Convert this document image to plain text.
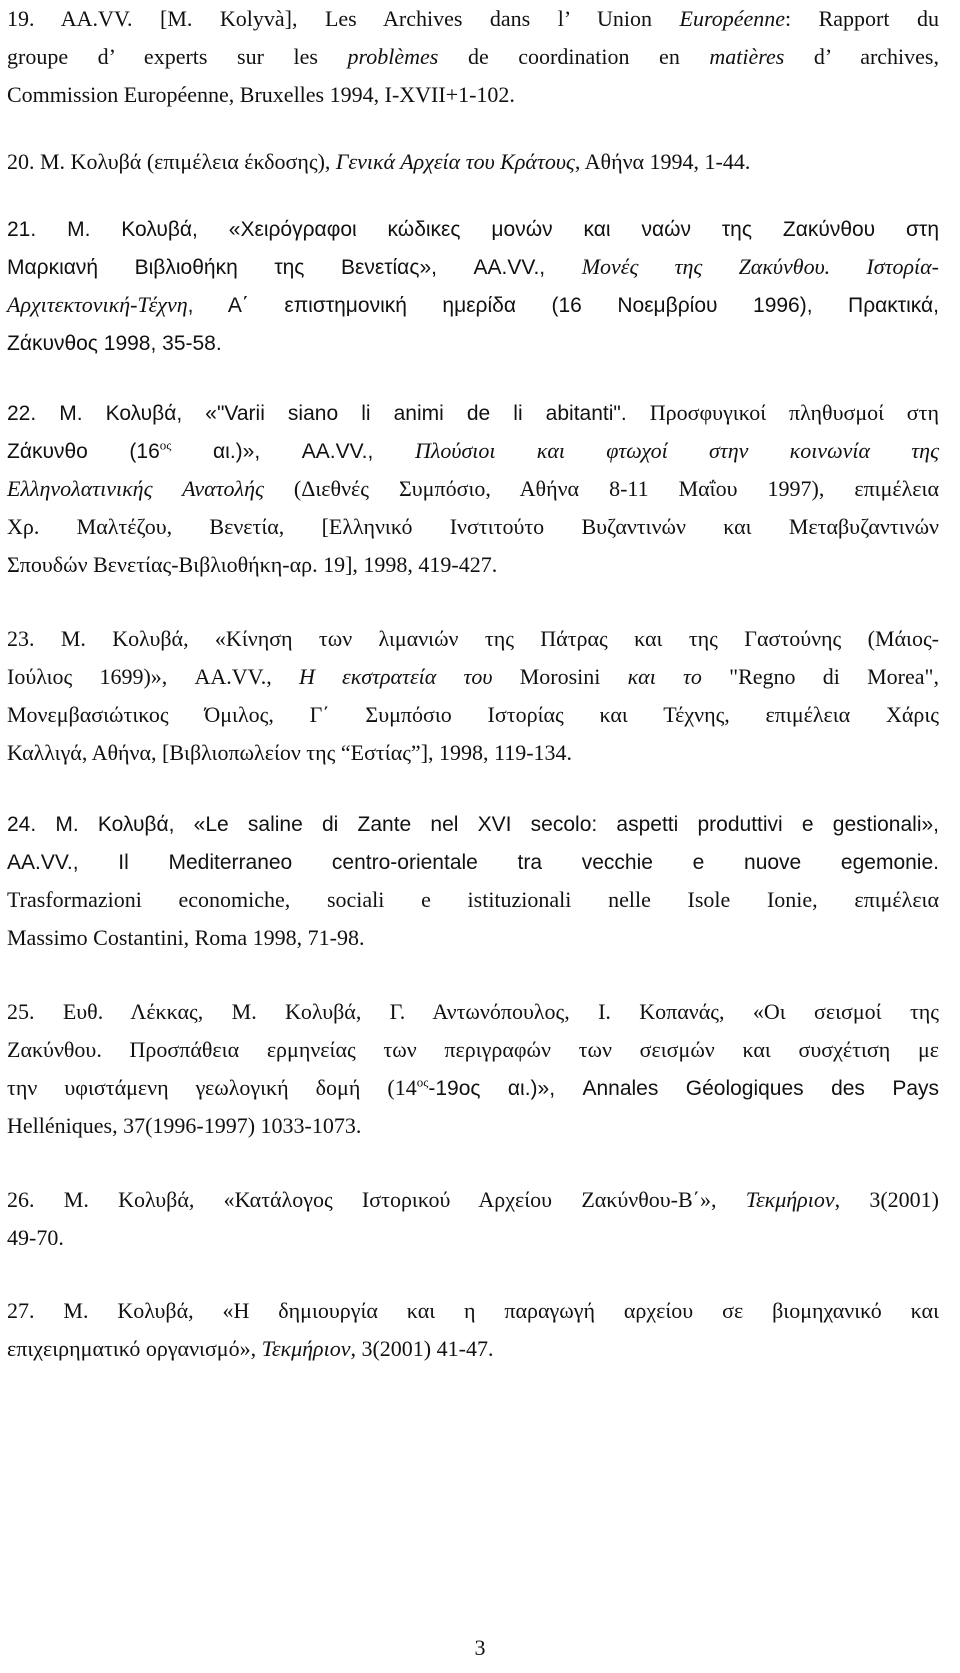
19. AA.VV. [M. Kolyvà], Les Archives dans l’ Union Européenne: Rapport du
groupe d’ experts sur les problèmes de coordination en matières d’ archives,
Commission Européenne, Bruxelles 1994, I-XVII+1-102.
20. M. Κολυβά (επιμέλεια έκδοσης), Γενικά Αρχεία του Κράτους, Αθήνα 1994, 1-44.
21. M. Κολυβά, «Χειρόγραφοι κώδικες μονών και ναών της Ζακύνθου στη
Μαρκιανή Βιβλιοθήκη της Βενετίας», AA.VV., Μονές της Ζακύνθου. Ιστορία-
Αρχιτεκτονική-Τέχνη, Α΄ επιστημονική ημερίδα (16 Νοεμβρίου 1996), Πρακτικά,
Ζάκυνθος 1998, 35-58.
22. M. Κολυβά, «"Varii siano li animi de li abitanti". Προσφυγικοί πληθυσμοί στη
Ζάκυνθο ($16^{o\varsigma}$ αι.)», AA.VV., Πλούσιοι και φτωχοί στην κοινωνία της
Ελληνολατινικής Ανατολής (Διεθνές Συμπόσιο, Αθήνα 8-11 Μαΐου 1997), επιμέλεια
Χρ. Μαλτέζου, Βενετία, [Ελληνικό Ινστιτούτο Βυζαντινών και Μεταβυζαντινών
Σπουδών Βενετίας-Βιβλιοθήκη-αρ. 19], 1998, 419-427.
23. M. Κολυβά, «Κίνηση των λιμανιών της Πάτρας και της Γαστούνης (Μάιος-
Ιούλιος 1699)», AA.VV., Η εκστρατεία του Morosini και το "Regno di Morea",
Μονεμβασιώτικος Όμιλος, Γ΄ Συμπόσιο Ιστορίας και Τέχνης, επιμέλεια Χάρις
Καλλιγά, Αθήνα, [Βιβλιοπωλείον της “Εστίας”], 1998, 119-134.
24. M. Κολυβά, «Le saline di Zante nel XVI secolo: aspetti produttivi e gestionali»,
AA.VV., Il Mediterraneo centro-orientale tra vecchie e nuove egemonie.
Trasformazioni economiche, sociali e istituzionali nelle Isole Ionie, επιμέλεια
Massimo Costantini, Roma 1998, 71-98.
25. Ευθ. Λέκκας, Μ. Κολυβά, Γ. Αντωνόπουλος, Ι. Κοπανάς, «Οι σεισμοί της
Ζακύνθου. Προσπάθεια ερμηνείας των περιγραφών των σεισμών και συσχέτιση με
την υφιστάμενη γεωλογική δομή ($14^{o\varsigma}-19o\varsigma$ αι.)», Annales Géologiques des Pays
Helléniques, 37(1996-1997) 1033-1073.
26. M. Κολυβά, «Κατάλογος Ιστορικού Αρχείου Ζακύνθου-Β΄», Τεκμήριον, 3(2001)
49-70.
27. M. Κολυβά, «Η δημιουργία και η παραγωγή αρχείου σε βιομηχανικό και
επιχειρηματικό οργανισμό», Τεκμήριον, 3(2001) 41-47.
3
